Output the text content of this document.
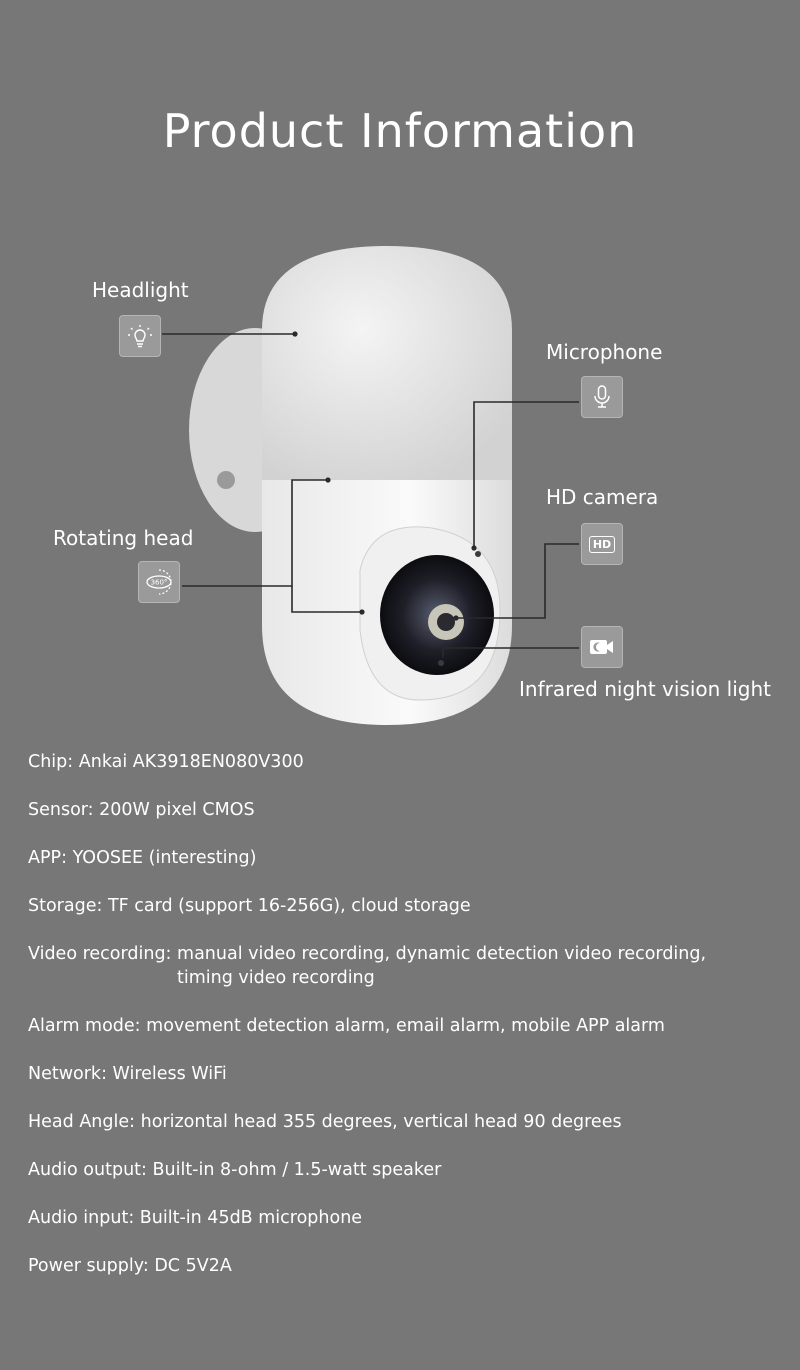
Product Information
Headlight
Microphone
HD camera
HD
Rotating head
360°
Infrared night vision light
Chip:
Ankai AK3918EN080V300
Sensor:
200W pixel CMOS
APP:
YOOSEE (interesting)
Storage:
TF card (support 16-256G), cloud storage
Video recording:
manual video recording, dynamic detection video recording, timing video recording
Alarm mode:
movement detection alarm, email alarm, mobile APP alarm
Network:
Wireless WiFi
Head Angle:
horizontal head 355 degrees, vertical head 90 degrees
Audio output:
Built-in 8-ohm / 1.5-watt speaker
Audio input:
Built-in 45dB microphone
Power supply:
DC 5V2A
